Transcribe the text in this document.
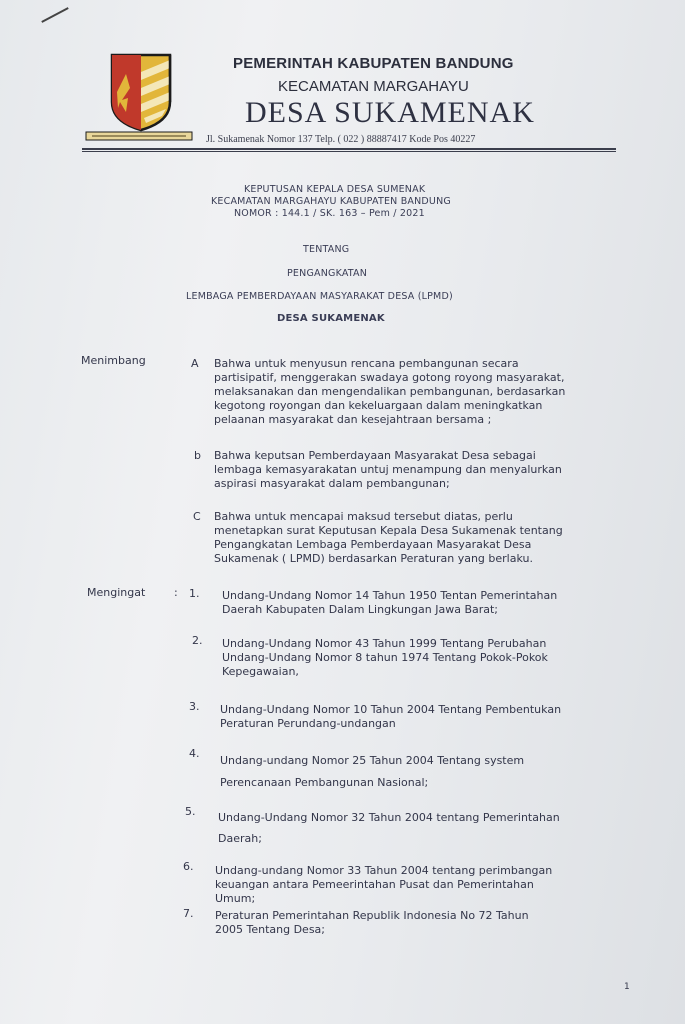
PEMERINTAH KABUPATEN BANDUNG
KECAMATAN MARGAHAYU
DESA SUKAMENAK
Jl. Sukamenak Nomor 137 Telp. ( 022 ) 88887417 Kode Pos 40227
KEPUTUSAN KEPALA DESA SUMENAK
KECAMATAN MARGAHAYU KABUPATEN BANDUNG
NOMOR : 144.1 / SK. 163 – Pem / 2021
TENTANG
PENGANGKATAN
LEMBAGA PEMBERDAYAAN MASYARAKAT DESA (LPMD)
DESA SUKAMENAK
Menimbang	A Bahwa untuk menyusun rencana pembangunan secara
partisipatif, menggerakan swadaya gotong royong masyarakat,
melaksanakan dan mengendalikan pembangunan, berdasarkan
kegotong royongan dan kekeluargaan dalam meningkatkan
pelaanan masyarakat dan kesejahtraan bersama ;
b Bahwa keputsan Pemberdayaan Masyarakat Desa sebagai
lembaga kemasyarakatan untuj menampung dan menyalurkan
aspirasi masyarakat dalam pembangunan;
C Bahwa untuk mencapai maksud tersebut diatas, perlu
menetapkan surat Keputusan Kepala Desa Sukamenak tentang
Pengangkatan Lembaga Pemberdayaan Masyarakat Desa
Sukamenak ( LPMD) berdasarkan Peraturan yang berlaku.
Mengingat	: 1. Undang-Undang Nomor 14 Tahun 1950 Tentan Pemerintahan
Daerah Kabupaten Dalam Lingkungan Jawa Barat;
2. Undang-Undang Nomor 43 Tahun 1999 Tentang Perubahan
Undang-Undang Nomor 8 tahun 1974 Tentang Pokok-Pokok
Kepegawaian,
3. Undang-Undang Nomor 10 Tahun 2004 Tentang Pembentukan
Peraturan Perundang-undangan
4.
Undang-undang Nomor 25 Tahun 2004 Tentang system
Perencanaan Pembangunan Nasional;
5. Undang-Undang Nomor 32 Tahun 2004 tentang Pemerintahan
Daerah;
6. Undang-undang Nomor 33 Tahun 2004 tentang perimbangan
keuangan antara Pemeerintahan Pusat dan Pemerintahan
Umum;
7. Peraturan Pemerintahan Republik Indonesia No 72 Tahun
2005 Tentang Desa;
1
